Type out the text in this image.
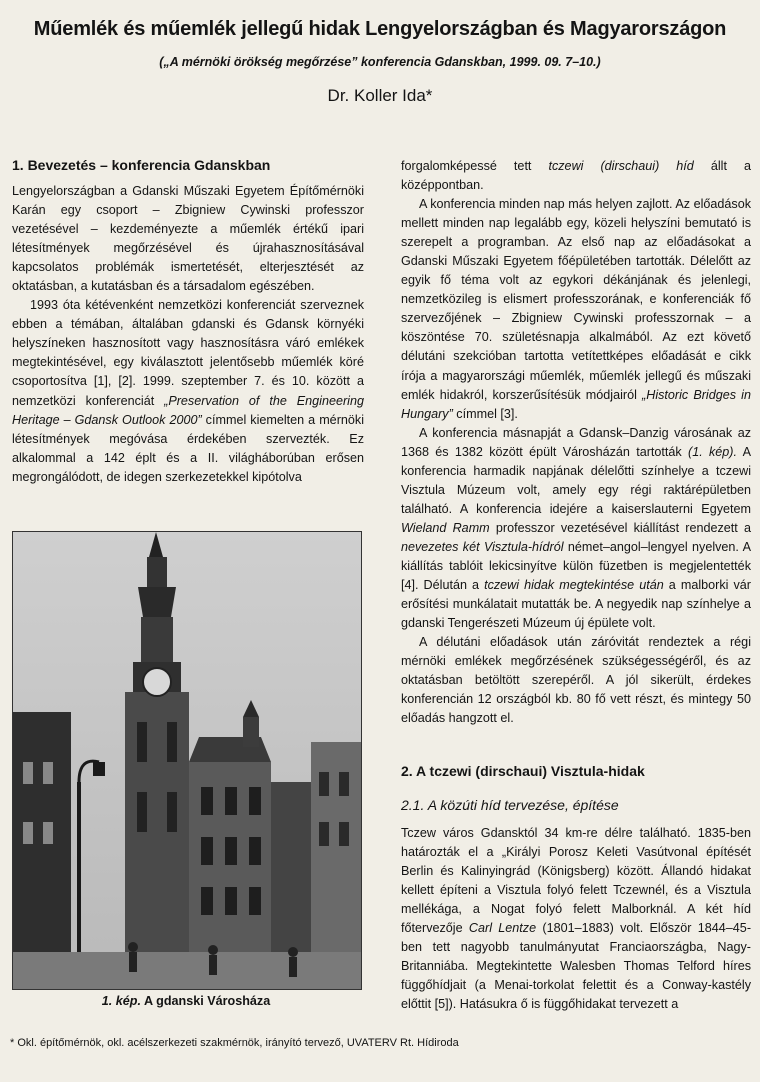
Műemlék és műemlék jellegű hidak Lengyelországban és Magyarországon
(„A mérnöki örökség megőrzése” konferencia Gdanskban, 1999. 09. 7–10.)
Dr. Koller Ida*
1. Bevezetés – konferencia Gdanskban

Lengyelországban a Gdanski Műszaki Egyetem Építőmérnöki Karán egy csoport – Zbigniew Cywinski professzor vezetésével – kezdeményezte a műemlék értékű ipari létesítmények megőrzésével és újrahasznosításával kapcsolatos problémák ismertetését, elterjesztését az oktatásban, a kutatásban és a társadalom egészében.

1993 óta kétévenként nemzetközi konferenciát szerveznek ebben a témában, általában gdanski és Gdansk környéki helyszíneken hasznosított vagy hasznosításra váró emlékek megtekintésével, egy kiválasztott jelentősebb műemlék köré csoportosítva [1], [2]. 1999. szeptember 7. és 10. között a nemzetközi konferenciát „Preservation of the Engineering Heritage – Gdansk Outlook 2000” címmel kiemelten a mérnöki létesítmények megóvása érdekében szervezték. Ez alkalommal a 142 éplt és a II. világháborúban erősen megrongálódott, de idegen szerkezetekkel kipótolva

1. kép. A gdanski Városháza

forgalomképessé tett tczewi (dirschaui) híd állt a középpontban.

A konferencia minden nap más helyen zajlott. Az előadások mellett minden nap legalább egy, közeli helyszíni bemutató is szerepelt a programban. Az első nap az előadásokat a Gdanski Műszaki Egyetem főépületében tartották. Délelőtt az egyik fő téma volt az egykori dékánjának és jelenlegi, nemzetközileg is elismert professzorának, e konferenciák fő szervezőjének – Zbigniew Cywinski professzornak – a köszöntése 70. születésnapja alkalmából. Az ezt követő délutáni szekcióban tartotta vetítettképes előadását e cikk írója a magyarországi műemlék, műemlék jellegű és műszaki emlék hidakról, korszerűsítésük módjairól „Historic Bridges in Hungary” címmel [3].

A konferencia másnapját a Gdansk–Danzig városának az 1368 és 1382 között épült Városházán tartották (1. kép). A konferencia harmadik napjának délelőtti színhelye a tczewi Visztula Múzeum volt, amely egy régi raktárépületben található. A konferencia idejére a kaiserslauterni Egyetem Wieland Ramm professzor vezetésével kiállítást rendezett a nevezetes két Visztula-hídról német–angol–lengyel nyelven. A kiállítás tablóit lekicsinyítve külön füzetben is megjelentették [4]. Délután a tczewi hidak megtekintése után a malborki vár erősítési munkálatait mutatták be. A negyedik nap színhelye a gdanski Tengerészeti Múzeum új épülete volt.

A délutáni előadások után záróvitát rendeztek a régi mérnöki emlékek megőrzésének szükségességéről, és az oktatásban betöltött szerepéről. A jól sikerült, érdekes konferencián 12 országból kb. 80 fő vett részt, és mintegy 50 előadás hangzott el.

2. A tczewi (dirschaui) Visztula-hidak
2.1. A közúti híd tervezése, építése

Tczew város Gdansktól 34 km-re délre található. 1835-ben határozták el a „Királyi Porosz Keleti Vasútvonal építését Berlin és Kalinyingrád (Königsberg) között. Állandó hidakat kellett építeni a Visztula folyó felett Tczewnél, és a Visztula mellékága, a Nogat folyó felett Malborknál. A két híd főtervezője Carl Lentze (1801–1883) volt. Először 1844–45-ben tett nagyobb tanulmányutat Franciaországba, Nagy-Britanniába. Megtekintette Walesben Thomas Telford híres függőhídjait (a Menai-torkolat felettit és a Conway-kastély előttit [5]). Hatásukra ő is függőhidakat tervezett a

* Okl. építőmérnök, okl. acélszerkezeti szakmérnök, irányító tervező, UVATERV Rt. Hídiroda
